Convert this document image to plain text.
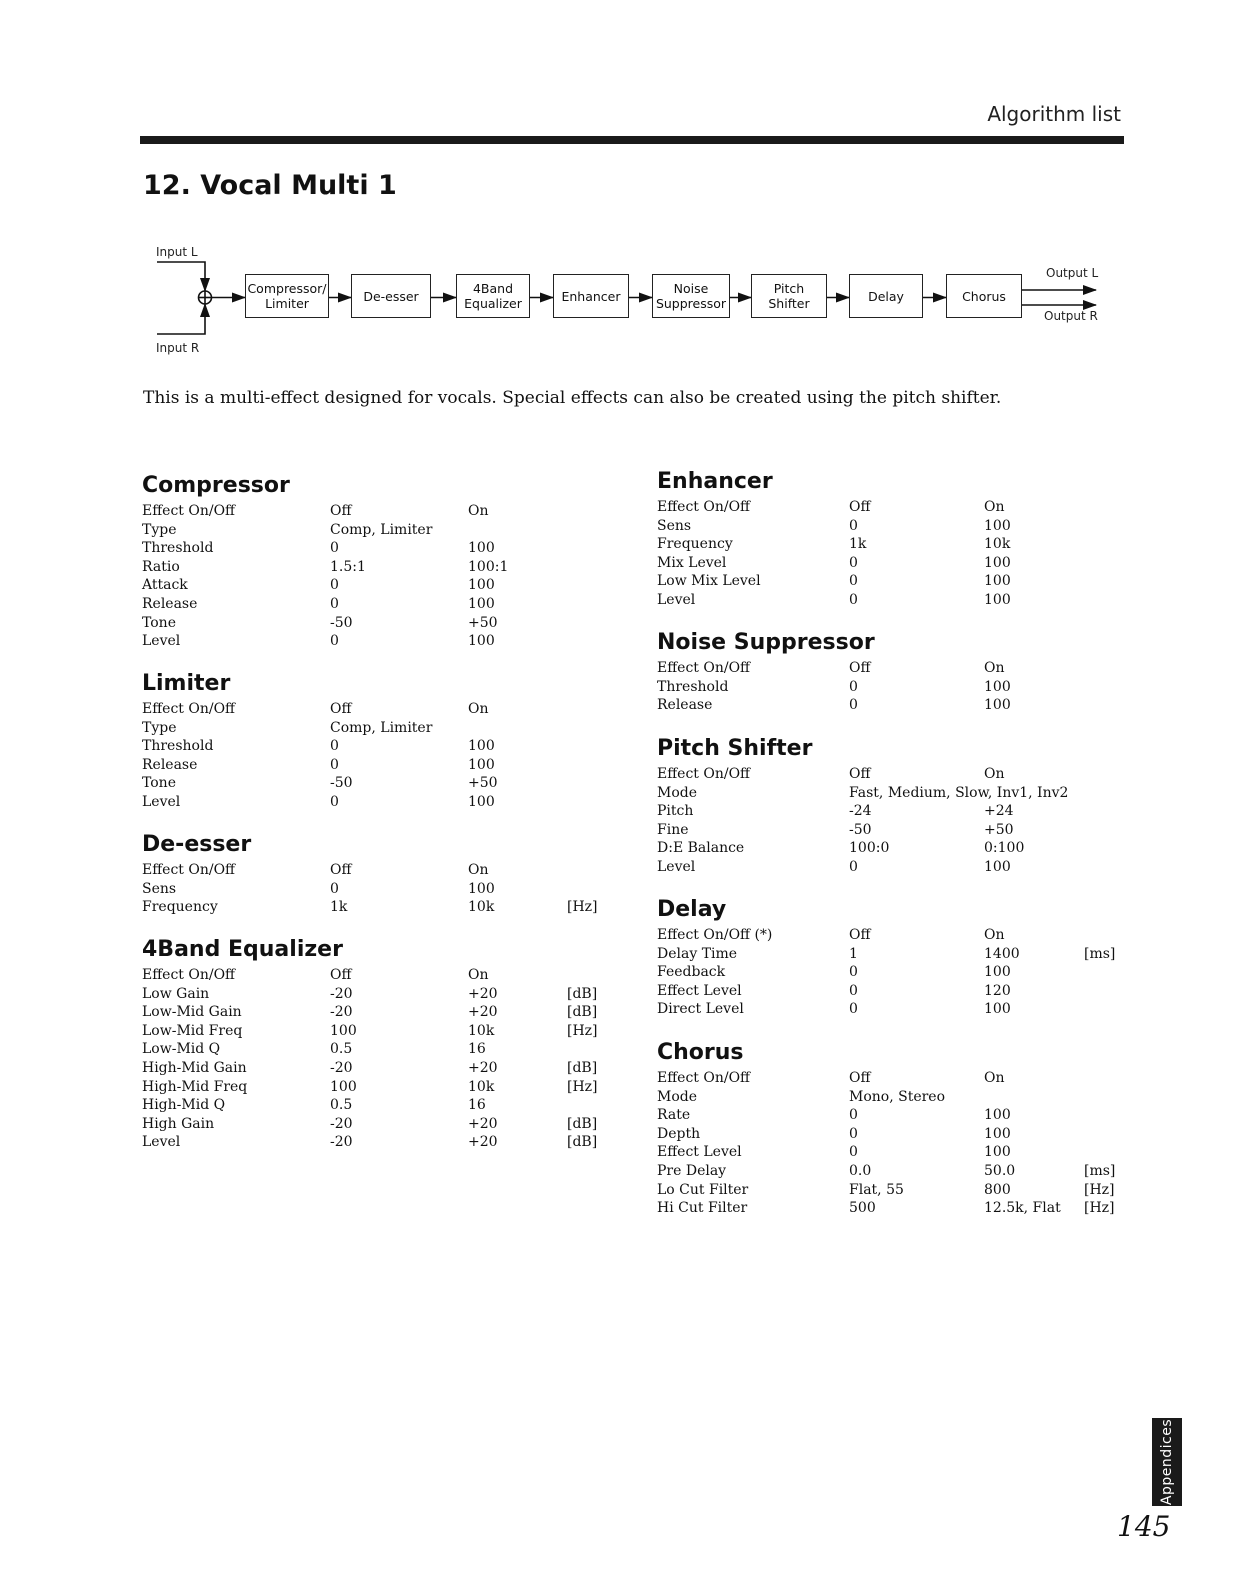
Algorithm list
12. Vocal Multi 1
Input L
Input R
Output L
Output R
Compressor/
Limiter	De-esser	4Band
Equalizer	Enhancer	Noise
Suppressor
Pitch
Shifter	Delay	Chorus

This is a multi-effect designed for vocals. Special effects can also be created using the pitch shifter.

Compressor
Effect On/Off	Off	On
Type	Comp, Limiter
Threshold	0	100
Ratio	1.5:1	100:1
Attack	0	100
Release	0	100
Tone	-50	+50
Level	0	100
Limiter
Effect On/Off	Off	On
Type	Comp, Limiter
Threshold	0	100
Release	0	100
Tone	-50	+50
Level	0	100
De-esser
Effect On/Off	Off	On
Sens	0	100
Frequency	1k	10k	[Hz]
4Band Equalizer
Effect On/Off	Off	On
Low Gain	-20	+20	[dB]
Low-Mid Gain	-20	+20	[dB]
Low-Mid Freq	100	10k	[Hz]
Low-Mid Q	0.5	16
High-Mid Gain	-20	+20	[dB]
High-Mid Freq	100	10k	[Hz]
High-Mid Q	0.5	16
High Gain	-20	+20	[dB]
Level	-20	+20	[dB]
Enhancer
Effect On/Off	Off	On
Sens	0	100
Frequency	1k	10k
Mix Level	0	100
Low Mix Level	0	100
Level	0	100
Noise Suppressor
Effect On/Off	Off	On
Threshold	0	100
Release	0	100
Pitch Shifter
Effect On/Off	Off	On
Mode	Fast, Medium, Slow, Inv1, Inv2
Pitch	-24	+24
Fine	-50	+50
D:E Balance	100:0	0:100
Level	0	100
Delay
Effect On/Off (*)	Off	On
Delay Time	1	1400	[ms]
Feedback	0	100
Effect Level	0	120
Direct Level	0	100
Chorus
Effect On/Off	Off	On
Mode	Mono, Stereo
Rate	0	100
Depth	0	100
Effect Level	0	100
Pre Delay	0.0	50.0	[ms]
Lo Cut Filter	Flat, 55	800	[Hz]
Hi Cut Filter	500	12.5k, Flat [Hz]
Appendices
145
